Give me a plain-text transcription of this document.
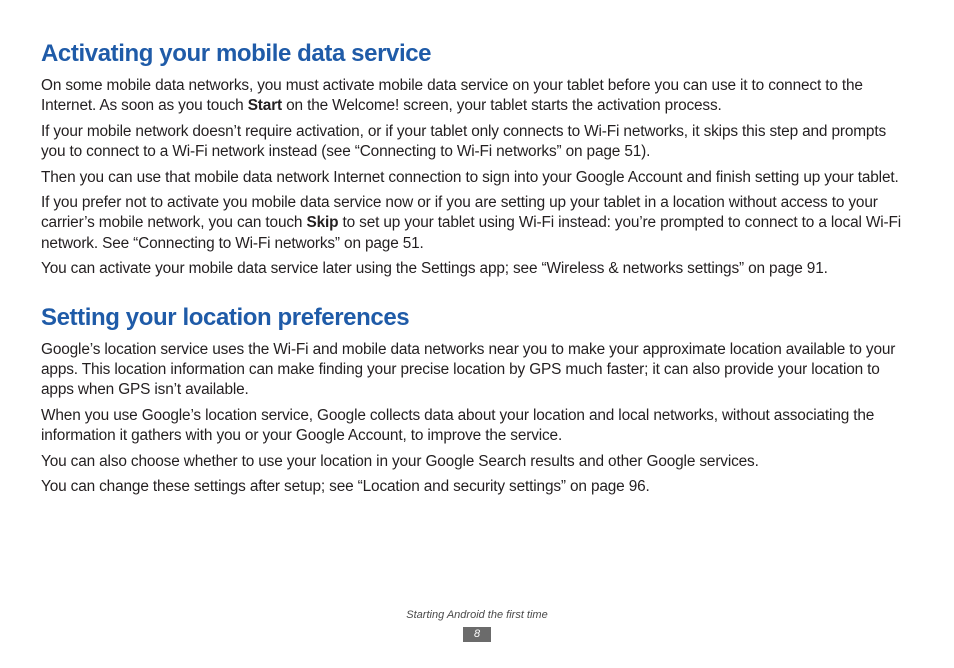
Activating your mobile data service

On some mobile data networks, you must activate mobile data service on your tablet before you can use it to connect to the Internet. As soon as you touch Start on the Welcome! screen, your tablet starts the activation process.

If your mobile network doesn’t require activation, or if your tablet only connects to Wi-Fi networks, it skips this step and prompts you to connect to a Wi-Fi network instead (see “Connecting to Wi-Fi networks” on page 51).

Then you can use that mobile data network Internet connection to sign into your Google Account and finish setting up your tablet.

If you prefer not to activate you mobile data service now or if you are setting up your tablet in a location without access to your carrier’s mobile network, you can touch Skip to set up your tablet using Wi-Fi instead: you’re prompted to connect to a local Wi-Fi network. See “Connecting to Wi-Fi networks” on page 51.

You can activate your mobile data service later using the Settings app; see “Wireless & networks settings” on page 91.

Setting your location preferences

Google’s location service uses the Wi-Fi and mobile data networks near you to make your approximate location available to your apps. This location information can make finding your precise location by GPS much faster; it can also provide your location to apps when GPS isn’t available.

When you use Google’s location service, Google collects data about your location and local networks, without associating the information it gathers with you or your Google Account, to improve the service.

You can also choose whether to use your location in your Google Search results and other Google services.

You can change these settings after setup; see “Location and security settings” on page 96.

Starting Android the first time
8
